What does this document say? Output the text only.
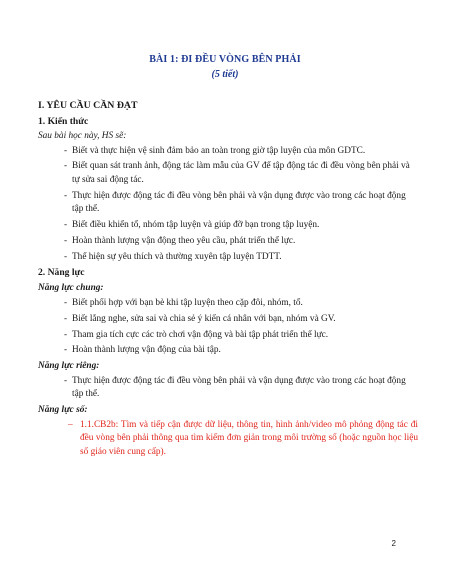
BÀI 1: ĐI ĐỀU VÒNG BÊN PHẢI
(5 tiết)

I. YÊU CẦU CẦN ĐẠT

1. Kiến thức

Sau bài học này, HS sẽ:

- Biết và thực hiện vệ sinh đảm bảo an toàn trong giờ tập luyện của môn GDTC.
- Biết quan sát tranh ảnh, động tác làm mẫu của GV để tập động tác đi đều vòng bên phải và tự sửa sai động tác.
- Thực hiện được động tác đi đều vòng bên phải và vận dụng được vào trong các hoạt động tập thể.
- Biết điều khiển tổ, nhóm tập luyện và giúp đỡ bạn trong tập luyện.
- Hoàn thành lượng vận động theo yêu cầu, phát triển thể lực.
- Thể hiện sự yêu thích và thường xuyên tập luyện TDTT.

2. Năng lực

Năng lực chung:

- Biết phối hợp với bạn bè khi tập luyện theo cặp đôi, nhóm, tổ.
- Biết lắng nghe, sửa sai và chia sẻ ý kiến cá nhân với bạn, nhóm và GV.
- Tham gia tích cực các trò chơi vận động và bài tập phát triển thể lực.
- Hoàn thành lượng vận động của bài tập.

Năng lực riêng:

- Thực hiện được động tác đi đều vòng bên phải và vận dụng được vào trong các hoạt động tập thể.

Năng lực số:

– 1.1.CB2b: Tìm và tiếp cận được dữ liệu, thông tin, hình ảnh/video mô phỏng động tác đi đều vòng bên phải thông qua tìm kiếm đơn giản trong môi trường số (hoặc nguồn học liệu số giáo viên cung cấp).
2
